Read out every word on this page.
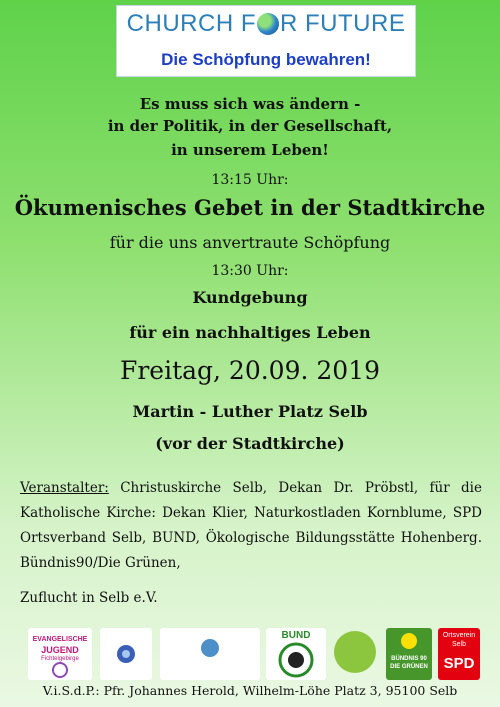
CHURCH F R FUTURE
Die Schöpfung bewahren!
Es muss sich was ändern -
in der Politik, in der Gesellschaft,
in unserem Leben!
13:15 Uhr:
Ökumenisches Gebet in der Stadtkirche
für die uns anvertraute Schöpfung
13:30 Uhr:
Kundgebung
für ein nachhaltiges Leben
Freitag, 20.09. 2019
Martin - Luther Platz Selb
(vor der Stadtkirche)
Veranstalter: Christuskirche Selb, Dekan Dr. Pröbstl, für die Katholische Kirche: Dekan Klier, Naturkostladen Kornblume, SPD Ortsverband Selb, BUND, Ökologische Bildungsstätte Hohenberg. Bündnis90/Die Grünen,
Zuflucht in Selb e.V.
EVANGELISCHE
JUGEND
Fichtelgebirge
BUND
BÜNDNIS 90
DIE GRÜNEN
Ortsverein
Selb
SPD
V.i.S.d.P.: Pfr. Johannes Herold, Wilhelm-Löhe Platz 3, 95100 Selb
